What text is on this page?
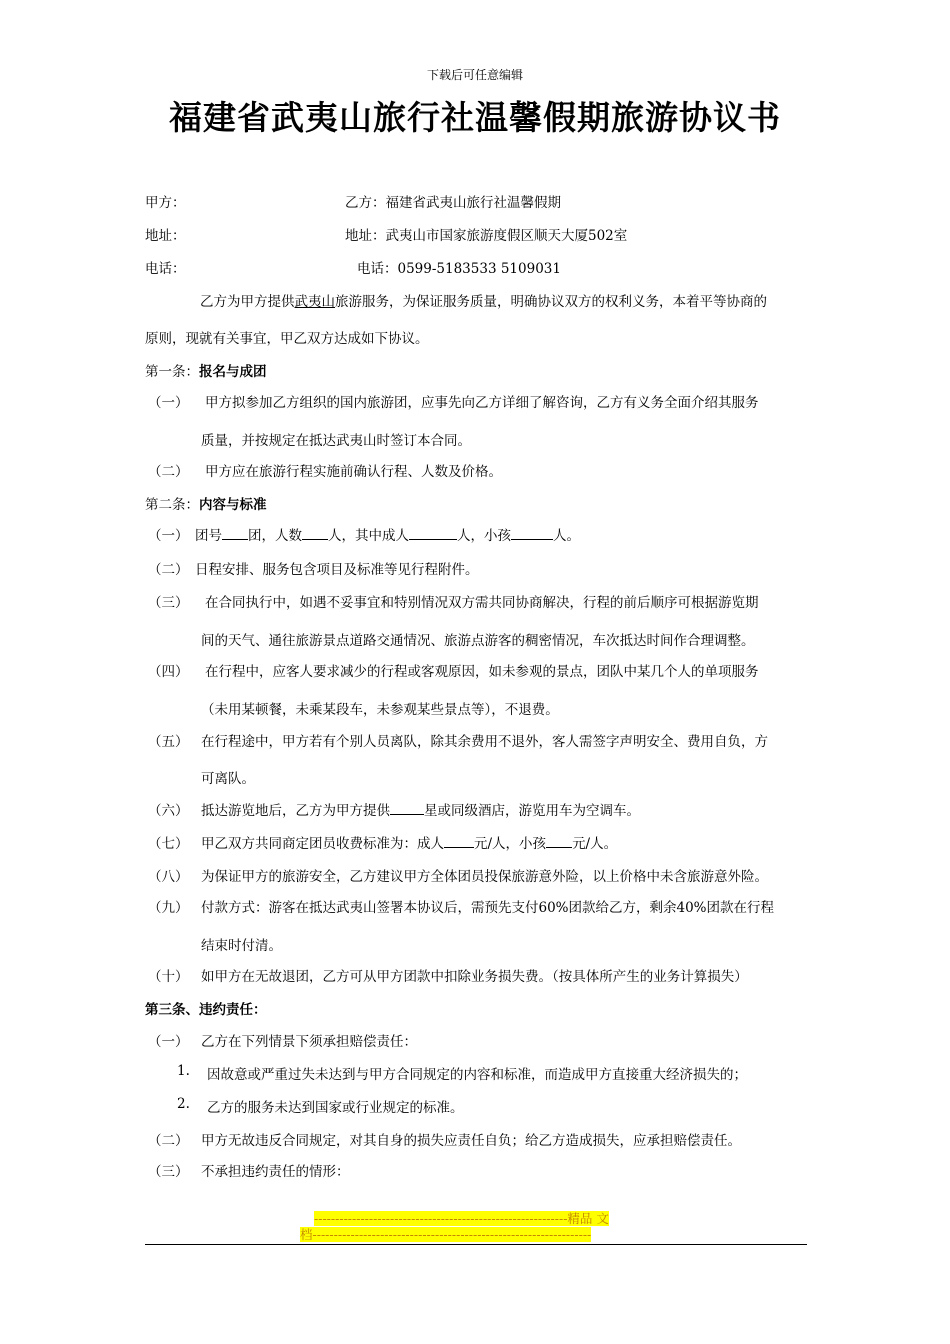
下载后可任意编辑
福建省武夷山旅行社温馨假期旅游协议书
甲方：	乙方：福建省武夷山旅行社温馨假期
地址：	地址：武夷山市国家旅游度假区顺天大厦502室
电话：	电话：0599-5183533 5109031
乙方为甲方提供武夷山旅游服务，为保证服务质量，明确协议双方的权利义务，本着平等协商的
原则，现就有关事宜，甲乙双方达成如下协议。
第一条：报名与成团
（一） 甲方拟参加乙方组织的国内旅游团，应事先向乙方详细了解咨询，乙方有义务全面介绍其服务
质量，并按规定在抵达武夷山时签订本合同。
（二） 甲方应在旅游行程实施前确认行程、人数及价格。
第二条：内容与标准
（一） 团号 团，人数 人，其中成人	人，小孩	人。
（二） 日程安排、服务包含项目及标准等见行程附件。
（三） 在合同执行中，如遇不妥事宜和特别情况双方需共同协商解决，行程的前后顺序可根据游览期
间的天气、通往旅游景点道路交通情况、旅游点游客的稠密情况，车次抵达时间作合理调整。
（四） 在行程中，应客人要求减少的行程或客观原因，如未参观的景点，团队中某几个人的单项服务
（未用某顿餐，未乘某段车，未参观某些景点等），不退费。
（五） 在行程途中，甲方若有个别人员离队，除其余费用不退外，客人需签字声明安全、费用自负，方
可离队。
（六） 抵达游览地后，乙方为甲方提供	星或同级酒店，游览用车为空调车。
（七） 甲乙双方共同商定团员收费标准为：成人 元/人，小孩 元/人。
（八） 为保证甲方的旅游安全，乙方建议甲方全体团员投保旅游意外险，以上价格中未含旅游意外险。
（九） 付款方式：游客在抵达武夷山签署本协议后，需预先支付60%团款给乙方，剩余40%团款在行程
结束时付清。
（十） 如甲方在无故退团，乙方可从甲方团款中扣除业务损失费。（按具体所产生的业务计算损失）
第三条、违约责任：
（一） 乙方在下列情景下须承担赔偿责任：
1. 因故意或严重过失未达到与甲方合同规定的内容和标准，而造成甲方直接重大经济损失的；
2. 乙方的服务未达到国家或行业规定的标准。
（二） 甲方无故违反合同规定，对其自身的损失应责任自负；给乙方造成损失，应承担赔偿责任。
（三） 不承担违约责任的情形：
------------------------------------------------------------精品 文
档------------------------------------------------------------------
